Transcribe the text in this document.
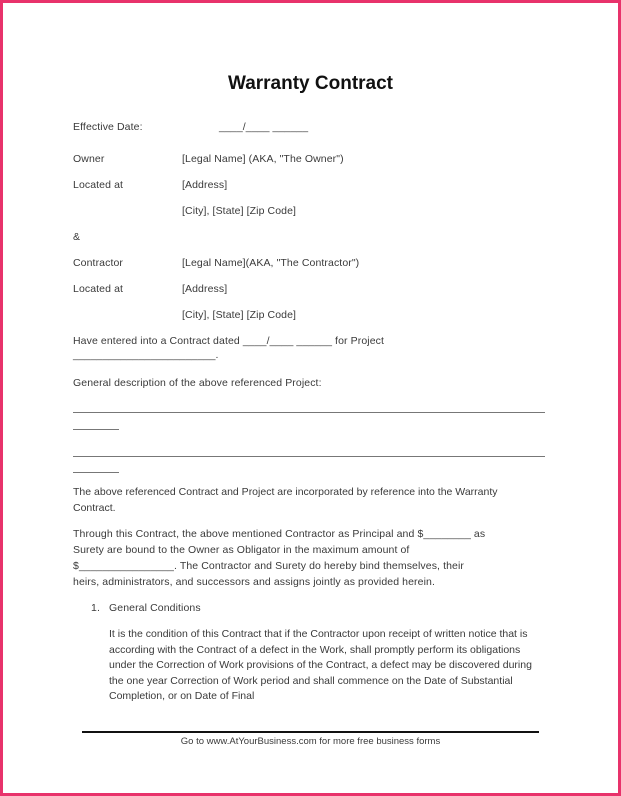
Warranty Contract
Effective Date:	____/____ ______
Owner	[Legal Name] (AKA, "The Owner")
Located at	[Address]
[City], [State] [Zip Code]
&
Contractor	[Legal Name](AKA, "The Contractor")
Located at	[Address]
[City], [State] [Zip Code]
Have entered into a Contract dated ____/____ ______ for Project
________________________.
General description of the above referenced Project:
The above referenced Contract and Project are incorporated by reference into the Warranty Contract.
Through this Contract, the above mentioned Contractor as Principal and $________ as
Surety are bound to the Owner as Obligator in the maximum amount of
$________________. The Contractor and Surety do hereby bind themselves, their
heirs, administrators, and successors and assigns jointly as provided herein.
1. General Conditions
It is the condition of this Contract that if the Contractor upon receipt of written notice that is according with the Contract of a defect in the Work, shall promptly perform its obligations under the Correction of Work provisions of the Contract, a defect may be discovered during the one year Correction of Work period and shall commence on the Date of Substantial Completion, or on Date of Final
Go to www.AtYourBusiness.com for more free business forms
